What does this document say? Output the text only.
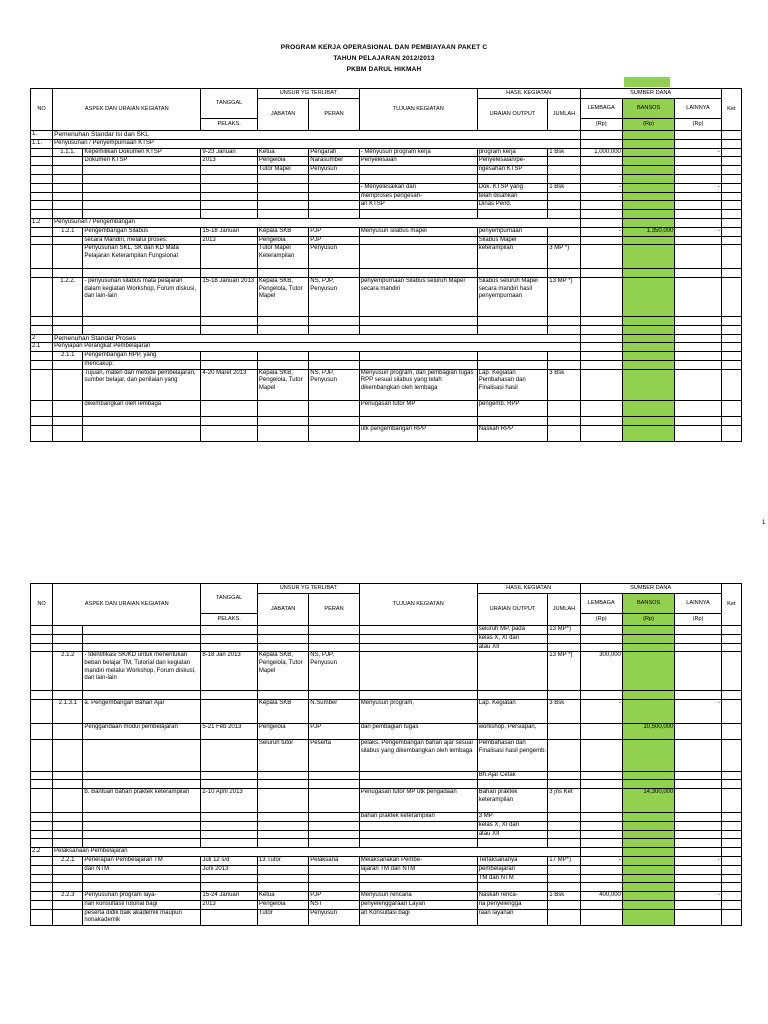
PROGRAM KERJA OPERASIONAL DAN PEMBIAYAAN PAKET C
TAHUN PELAJARAN 2012/2013
PKBM DARUL HIKMAH
NO	ASPEK DAN URAIAN KEGIATAN		TANGGAL	UNSUR YG TERLIBAT		TUJUAN KEGIATAN	HASIL KEGIATAN		SUMBER DANA			Ket
				JABATAN	PERAN		URAIAN OUTPUT	JUMLAH	LEMBAGA	BANSOS	LAINNYA	
			PELAKS.						(Rp)	(Rp)	(Rp)	
1.	Pemenuhan Standar Isi dan SKL											
1.1.	Penyusunan / Penyempurnaan KTSP											
	1.1.1.	Kepemilikan Dokumen KTSP	9-23 Januari	Ketua	Pengarah	- Menyusun program kerja	program kerja	1 Bsk	1,000,000		-	
		Dokumen KTSP	2013	Pengelola	Narasumber	Penyelesaian	Penyelesaian/pe-					
				Tutor Mapel	Penyusun		ngesahan KTSP					

						- Menyelesaikan dan	Dok. KTSP yang	1 Bsk	-		-	
						memproses pengesah-	telah disahkan					
						an KTSP	Dinas Pend.					

1.2	Penyusunan / Pengembangan											
	1.2.1	Pengembangan Silabus	15-18 Januari	Kepala SKB	PJP	Menyusun silabus mapel	penyempurnaan		-	1,350,000	-	
		secara Mandiri, melalui proses:	2013	Pengelola	PJP		Silabus Mapel					
		Penyusunan SKL, SK dan KD Mata Pelajaran Keterampilan Fungsional		Tutor Mapel Keterampilan	Penyusun		keterampilan	3 MP *)				

	1.2.2.	- penyusunan silabus mata pelajaran dalam kegiatan Workshop, Forum diskusi, dan lain-lain	15-18 Januari 2013	Kepala SKB, Pengelola, Tutor Mapel	NS, PJP, Penyusun	penyempurnaan Silabus seluruh Mapel secara mandiri	Silabus seluruh Mapel secara mandiri hasil penyempurnaan	13 MP *)				

2	Pemenuhan Standar Proses											
2.1	Penyiapan Perangkat Pembelajaran											
	2.1.1	Pengembangan RPP, yang										
		mencakup:										
		Tujuan, materi dan metode pembelajaran, sumber belajar, dan penilaian yang	4-20 Maret 2013	Kepala SKB, Pengelola, Tutor Mapel	NS, PJP, Penyusun	Menyusun program, dan pembagian tugas RPP sesuai silabus yang telah dikembangkan oleh lembaga	Lap. Kegiatan Pembahasan dan Finalisasi hasil	3 Bsk				
		dikembangkan oleh lembaga				Penugasan tutor MP	pengemb. RPP					

						utk pengembangan RPP	Naskah RPP					
1
NO	ASPEK DAN URAIAN KEGIATAN		TANGGAL	UNSUR YG TERLIBAT		TUJUAN KEGIATAN	HASIL KEGIATAN		SUMBER DANA			Ket
				JABATAN	PERAN		URAIAN OUTPUT	JUMLAH	LEMBAGA	BANSOS	LAINNYA	
			PELAKS.						(Rp)	(Rp)	(Rp)	
							seluruh MP, pada	13 MP*)				
							kelas X, XI dan					
							atau XII					
	2.1.2	- Identifikasi SK/KD untuk menentukan beban belajar TM, Tutorial dan kegiatan mandiri melalui Workshop, Forum diskusi, dan lain-lain	8-18 Jan 2013	Kepala SKB, Pengelola, Tutor Mapel	NS, PJP, Penyusun			13 MP *)	300,000			

	2.1.3.1	a. Pengembangan Bahan Ajar		Kepala SKB	N.Sumber	Menyusun program,	Lap. Kegiatan	3 Bsk	-		-	
		Penggandaan modul pembelajaran	5-21 Feb 2013	Pengelola	PJP	dan pembagian tugas	workshop, Persiapan,			10,500,000		
				Seluruh tutor	Peserta	pelaks. Pengembangan bahan ajar sesuai silabus yang dikembangkan oleh lembaga	Pembahasan dan Finalisasi hasil pengemb.					
							Bh.Ajar Cetak					

		b. Bantuan bahan praktek keterampilan	2-10 April 2013			Penugasan tutor MP utk pengadaan	Bahan praktek keterampilan	3 jns Ket		14,300,000		
						bahan praktek keterampilan	3 MP					
							kelas X, XI dan					
							atau XII					

2.2	Pelaksanaan Pembelajaran											
	2.2.1	Penerapan Pembelajaran TM	Juli 12 s/d	13 Tutor	Pelaksana	Melaksanakan Pembe-	Terlaksananya	17 MP*)	-		-	
		dan NTM	Juni 2013			lajaran TM dan NTM	pembelajaran					
							TM dan NTM					

	2.2.3	Penyusunan program laya-	15-24 Januari	Ketua	PJP	Menyusun rencana	Naskah renca-	1 Bsk	400,000		-	
		nan konsultasi/Tutorial bagi	2013	Pengelola	NST	penyelenggaraan Layan	na penyelengga					
		peserta didik baik akademik maupun nonakademik		Tutor	Penyusun	an Konsultasi bagi	raan layanan					
